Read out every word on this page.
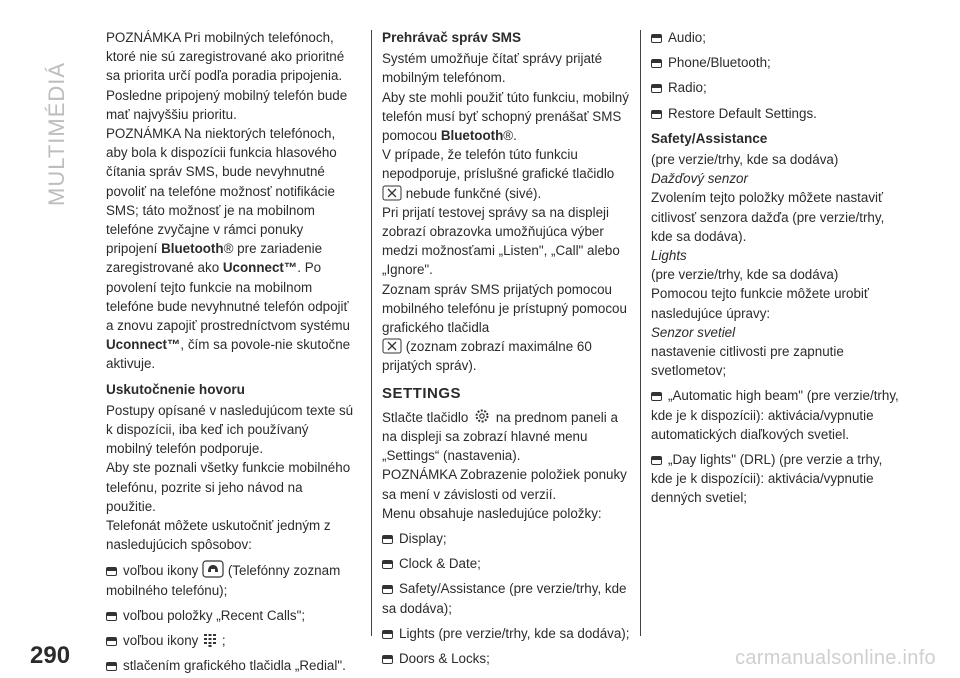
MULTIMÉDIÁ

POZNÁMKA Pri mobilných telefónoch, ktoré nie sú zaregistrované ako prioritné sa priorita určí podľa poradia pripojenia. Posledne pripojený mobilný telefón bude mať najvyššiu prioritu.

POZNÁMKA Na niektorých telefónoch, aby bola k dispozícii funkcia hlasového čítania správ SMS, bude nevyhnutné povoliť na telefóne možnosť notifikácie SMS; táto možnosť je na mobilnom telefóne zvyčajne v rámci ponuky pripojení Bluetooth® pre zariadenie zaregistrované ako Uconnect™. Po povolení tejto funkcie na mobilnom telefóne bude nevyhnutné telefón odpojiť a znovu zapojiť prostredníctvom systému Uconnect™, čím sa povole-nie skutočne aktivuje.

Uskutočnenie hovoru

Postupy opísané v nasledujúcom texte sú k dispozícii, iba keď ich používaný mobilný telefón podporuje.

Aby ste poznali všetky funkcie mobilného telefónu, pozrite si jeho návod na použitie.

Telefonát môžete uskutočniť jedným z nasledujúcich spôsobov:

voľbou ikony (Telefónny zoznam mobilného telefónu);

voľbou položky „Recent Calls";

voľbou ikony ;

stlačením grafického tlačidla „Redial".

Prehrávač správ SMS

Systém umožňuje čítať správy prijaté mobilným telefónom.

Aby ste mohli použiť túto funkciu, mobilný telefón musí byť schopný prenášať SMS pomocou Bluetooth®.

V prípade, že telefón túto funkciu nepodporuje, príslušné grafické tlačidlo
nebude funkčné (sivé).

Pri prijatí testovej správy sa na displeji zobrazí obrazovka umožňujúca výber medzi možnosťami „Listen", „Call" alebo „Ignore".

Zoznam správ SMS prijatých pomocou mobilného telefónu je prístupný pomocou grafického tlačidla
(zoznam zobrazí maximálne 60 prijatých správ).

SETTINGS

Stlačte tlačidlo na prednom paneli a na displeji sa zobrazí hlavné menu „Settings“ (nastavenia).

POZNÁMKA Zobrazenie položiek ponuky sa mení v závislosti od verzií.

Menu obsahuje nasledujúce položky:

Display;

Clock & Date;

Safety/Assistance (pre verzie/trhy, kde sa dodáva);

Lights (pre verzie/trhy, kde sa dodáva);

Doors & Locks;

Audio;

Phone/Bluetooth;

Radio;

Restore Default Settings.

Safety/Assistance

(pre verzie/trhy, kde sa dodáva)

Dažďový senzor

Zvolením tejto položky môžete nastaviť citlivosť senzora dažďa (pre verzie/trhy, kde sa dodáva).

Lights

(pre verzie/trhy, kde sa dodáva)

Pomocou tejto funkcie môžete urobiť nasledujúce úpravy:

Senzor svetiel

nastavenie citlivosti pre zapnutie svetlometov;

„Automatic high beam" (pre verzie/trhy, kde je k dispozícii): aktivácia/vypnutie automatických diaľkových svetiel.

„Day lights" (DRL) (pre verzie a trhy, kde je k dispozícii): aktivácia/vypnutie denných svetiel;

290	carmanualsonline.info
